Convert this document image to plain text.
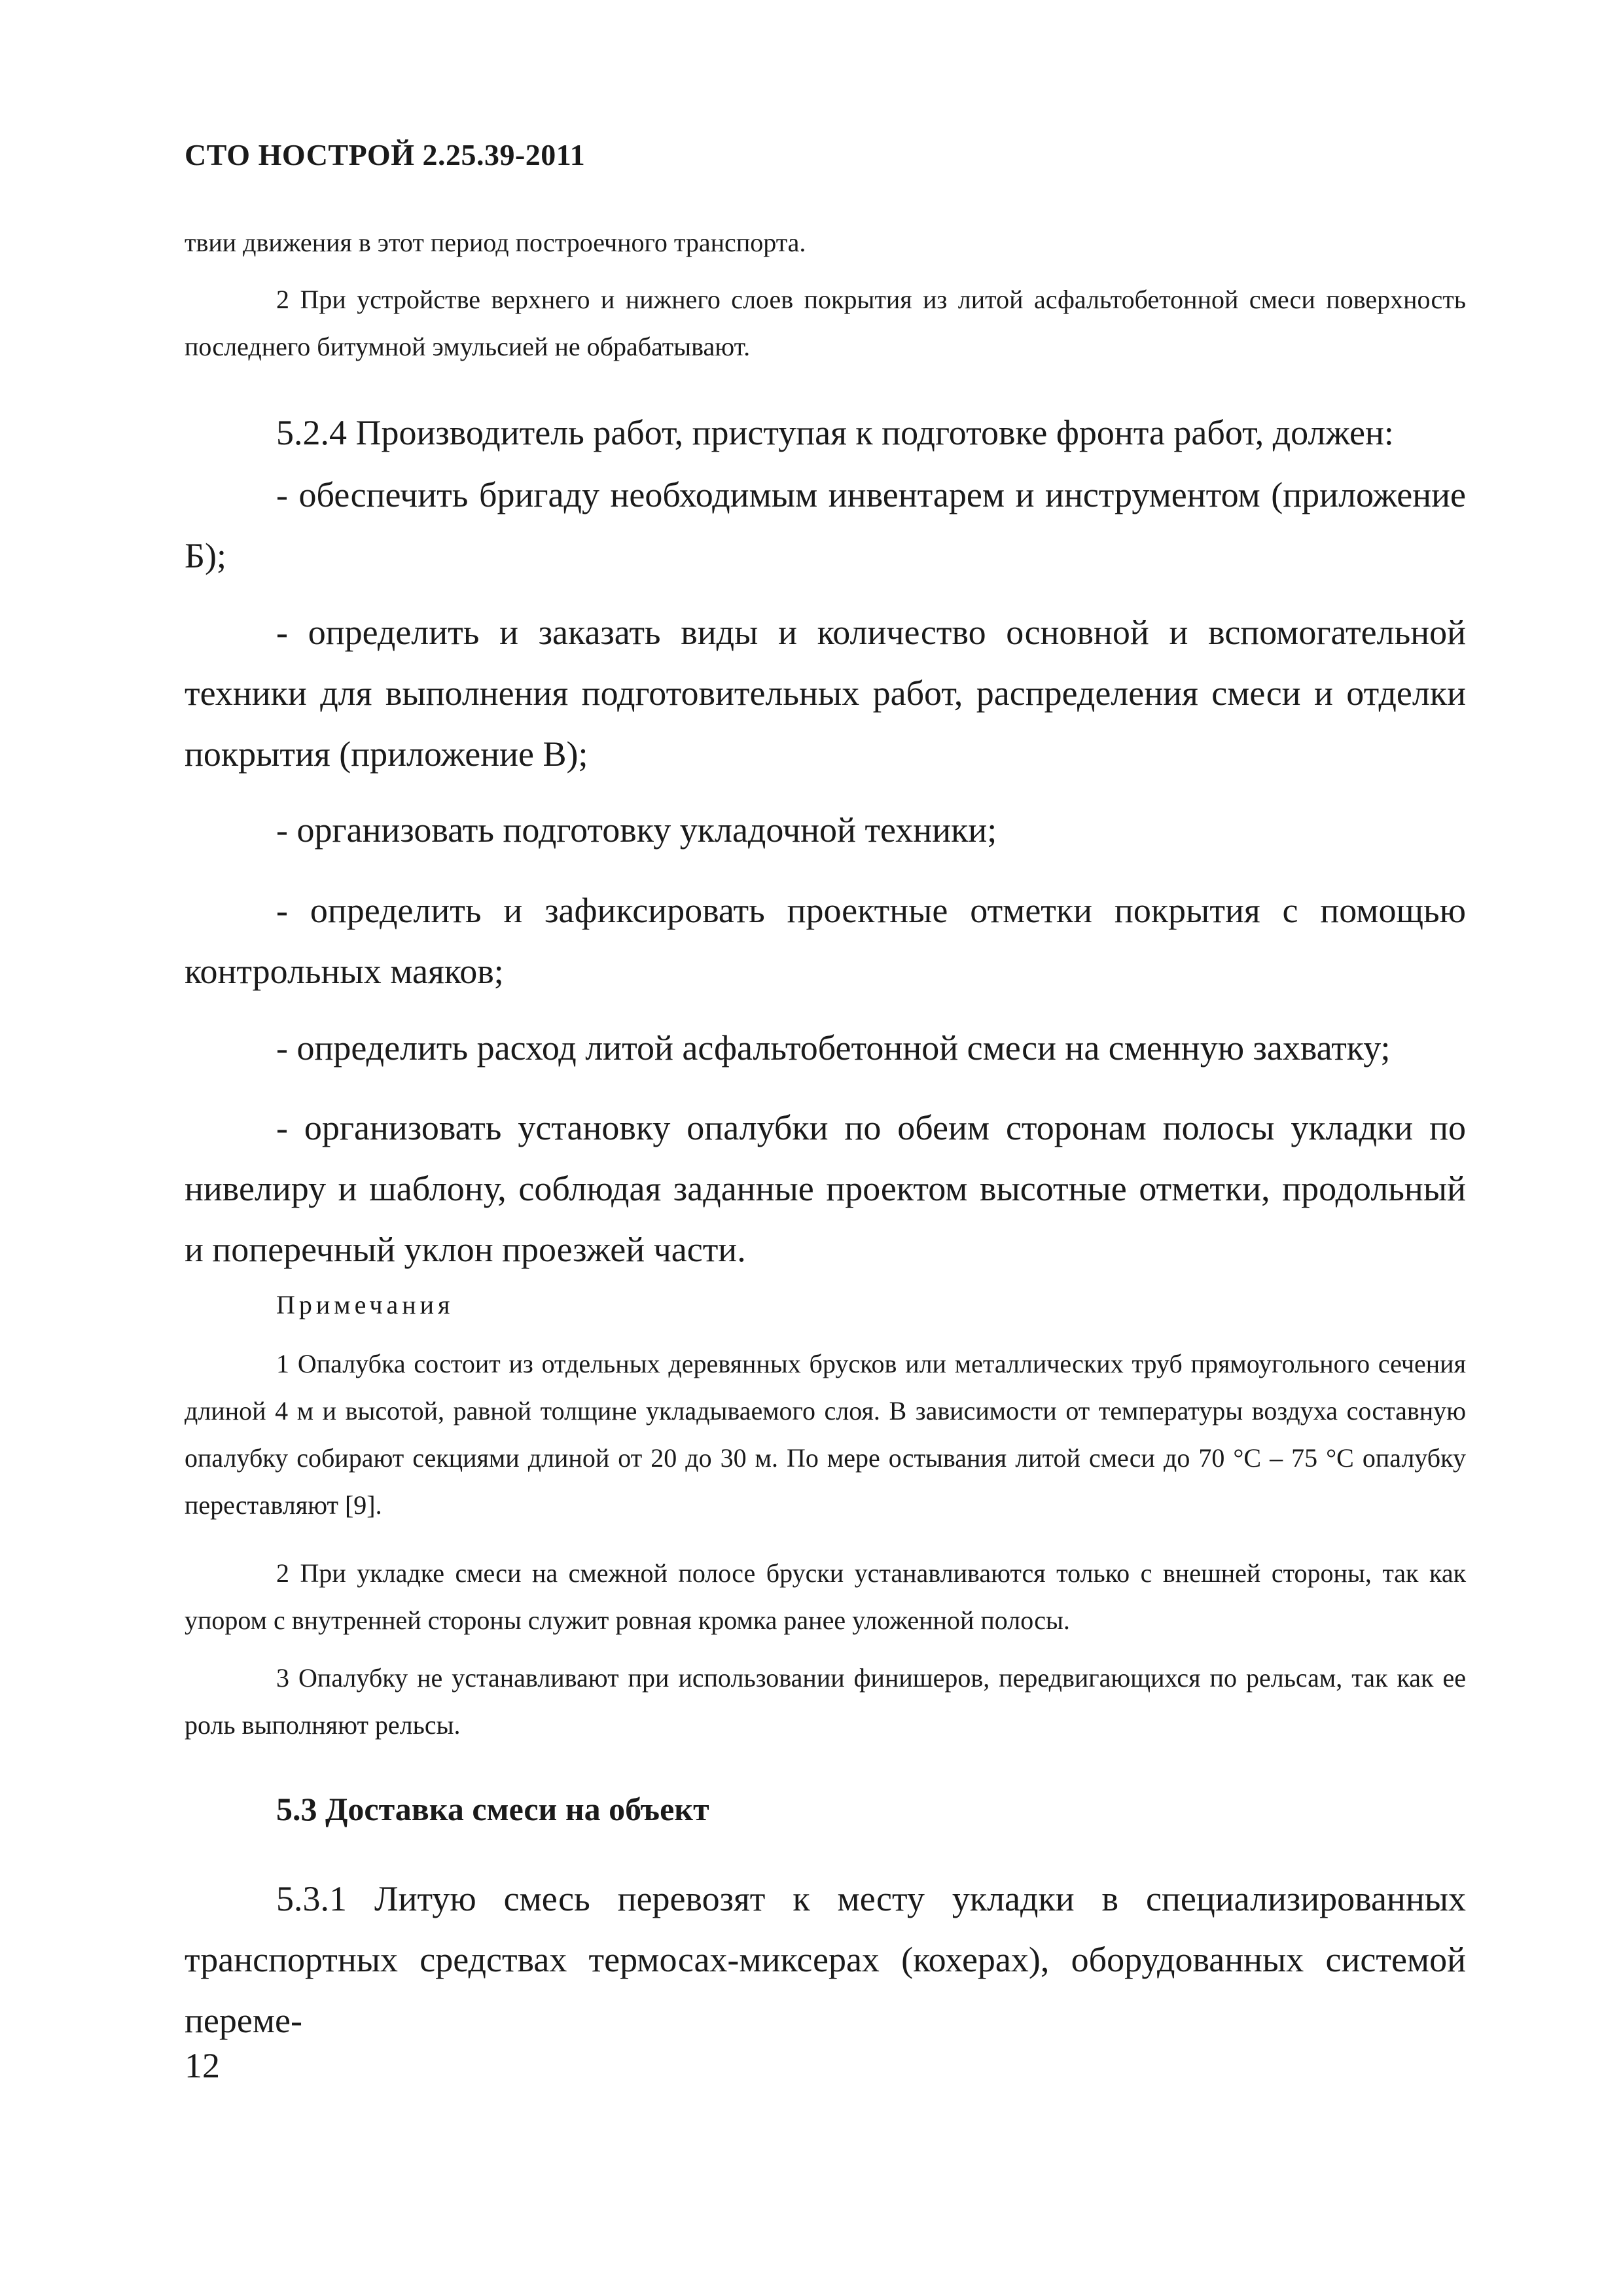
СТО НОСТРОЙ 2.25.39-2011

твии движения в этот период построечного транспорта.

2 При устройстве верхнего и нижнего слоев покрытия из литой асфальтобетонной смеси поверхность последнего битумной эмульсией не обрабатывают.

5.2.4 Производитель работ, приступая к подготовке фронта работ, должен:

- обеспечить бригаду необходимым инвентарем и инструментом (приложение Б);

- определить и заказать виды и количество основной и вспомогательной техники для выполнения подготовительных работ, распределения смеси и отделки покрытия (приложение В);

- организовать подготовку укладочной техники;

- определить и зафиксировать проектные отметки покрытия с помощью контрольных маяков;

- определить расход литой асфальтобетонной смеси на сменную захватку;

- организовать установку опалубки по обеим сторонам полосы укладки по нивелиру и шаблону, соблюдая заданные проектом высотные отметки, продольный и поперечный уклон проезжей части.

Примечания

1 Опалубка состоит из отдельных деревянных брусков или металлических труб прямоугольного сечения длиной 4 м и высотой, равной толщине укладываемого слоя. В зависимости от температуры воздуха составную опалубку собирают секциями длиной от 20 до 30 м. По мере остывания литой смеси до 70 °С – 75 °С опалубку переставляют [9].

2 При укладке смеси на смежной полосе бруски устанавливаются только с внешней стороны, так как упором с внутренней стороны служит ровная кромка ранее уложенной полосы.

3 Опалубку не устанавливают при использовании финишеров, передвигающихся по рельсам, так как ее роль выполняют рельсы.

5.3 Доставка смеси на объект

5.3.1 Литую смесь перевозят к месту укладки в специализированных транспортных средствах термосах-миксерах (кохерах), оборудованных системой переме-

12
